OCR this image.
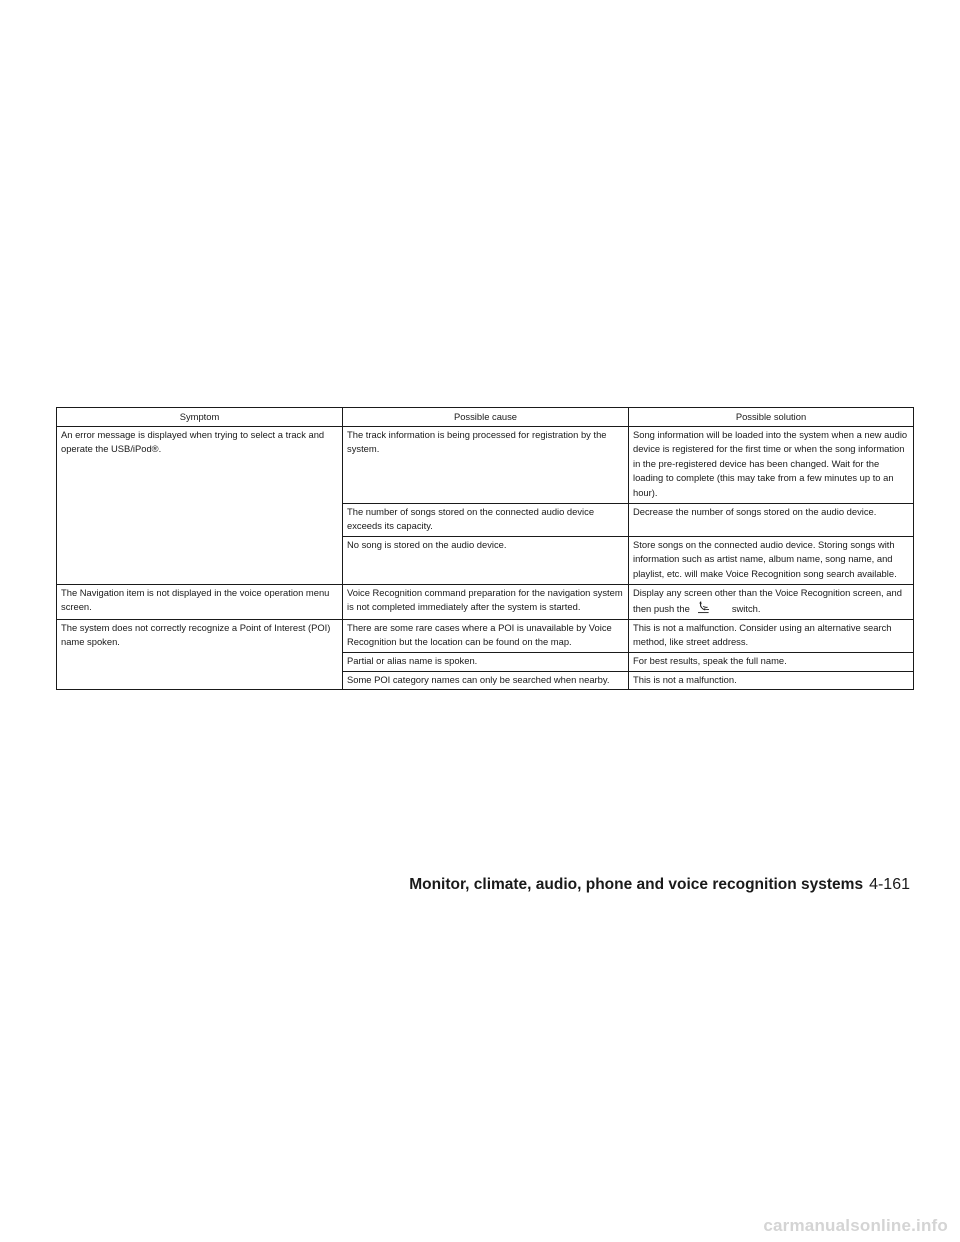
Symptom	Possible cause	Possible solution
An error message is displayed when trying to select a track and operate the USB/iPod®.	The track information is being processed for registration by the system.	Song information will be loaded into the system when a new audio device is registered for the first time or when the song information in the pre-registered device has been changed. Wait for the loading to complete (this may take from a few minutes up to an hour).
	The number of songs stored on the connected audio device exceeds its capacity.	Decrease the number of songs stored on the audio device.
	No song is stored on the audio device.	Store songs on the connected audio device. Storing songs with information such as artist name, album name, song name, and playlist, etc. will make Voice Recognition song search available.
The Navigation item is not displayed in the voice operation menu screen.	Voice Recognition command preparation for the navigation system is not completed immediately after the system is started.	Display any screen other than the Voice Recognition screen, and then push the switch.
The system does not correctly recognize a Point of Interest (POI) name spoken.	There are some rare cases where a POI is unavailable by Voice Recognition but the location can be found on the map.	This is not a malfunction. Consider using an alternative search method, like street address.
	Partial or alias name is spoken.	For best results, speak the full name.
	Some POI category names can only be searched when nearby.	This is not a malfunction.
Monitor, climate, audio, phone and voice recognition systems 4-161
carmanualsonline.info
